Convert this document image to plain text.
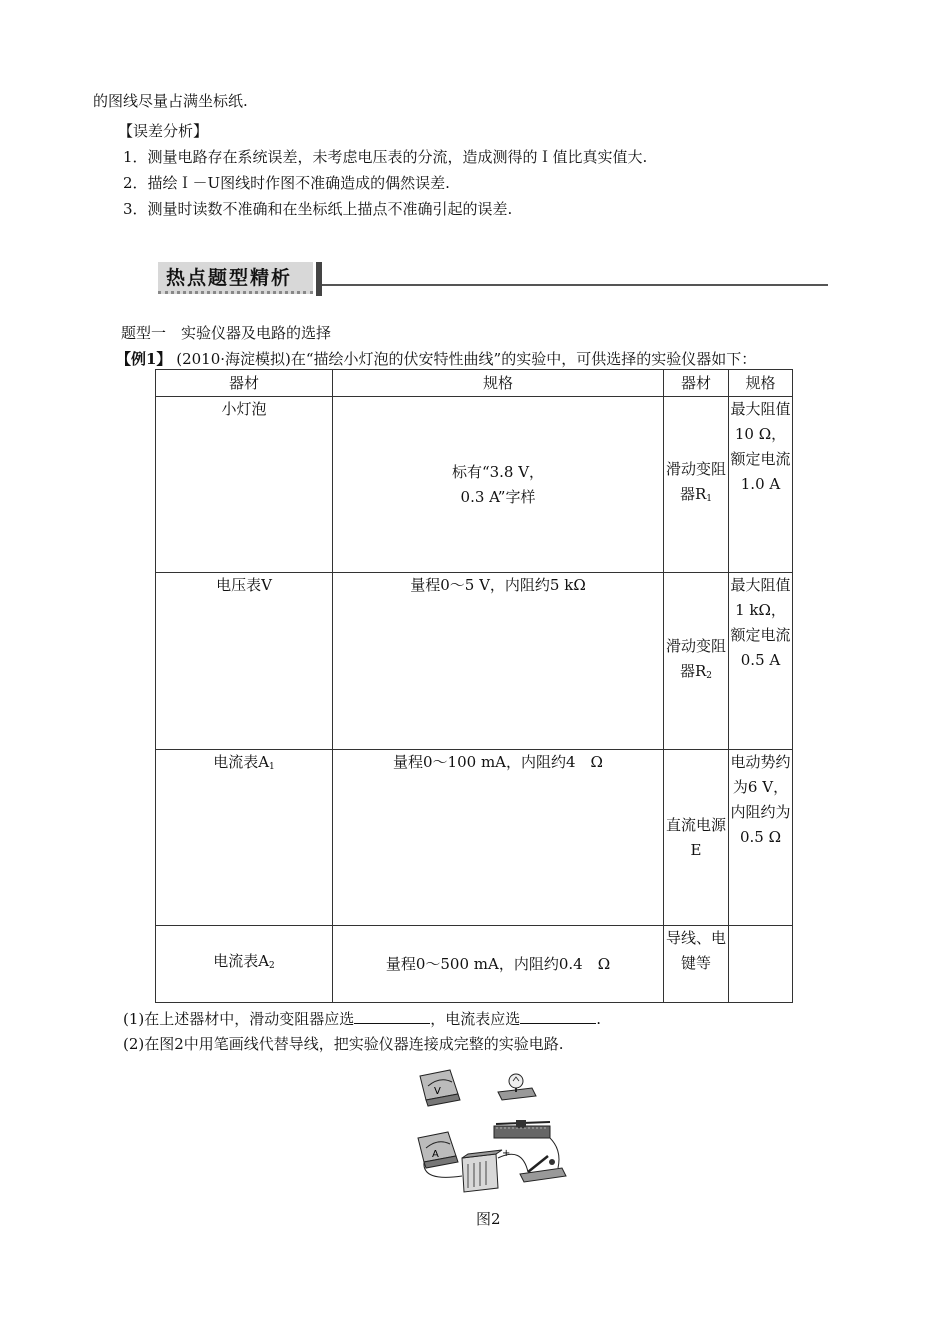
的图线尽量占满坐标纸.
【误差分析】
1．测量电路存在系统误差，未考虑电压表的分流，造成测得的Ｉ值比真实值大.
2．描绘Ｉ－U图线时作图不准确造成的偶然误差.
3．测量时读数不准确和在坐标纸上描点不准确引起的误差.
热点题型精析
题型一　实验仪器及电路的选择
【例1】 (2010·海淀模拟)在“描绘小灯泡的伏安特性曲线”的实验中，可供选择的实验仪器如下：
器材	规格	器材	规格
小灯泡	标有“3.8 V，
0.3 A”字样	滑动变阻器$R_1$	最大阻值10 Ω，额定电流1.0 A
电压表V	量程0～5 V，内阻约5 kΩ	滑动变阻器$R_2$	最大阻值1 kΩ，额定电流0.5 A
电流表$A_1$	量程0～100 mA，内阻约4　Ω	直流电源E	电动势约为6 V，内阻约为0.5 Ω
电流表$A_2$	量程0～500 mA，内阻约0.4　Ω	导线、电键等	
(1)在上述器材中，滑动变阻器应选	，电流表应选	.
(2)在图2中用笔画线代替导线，把实验仪器连接成完整的实验电路.
V
A	+
图2
